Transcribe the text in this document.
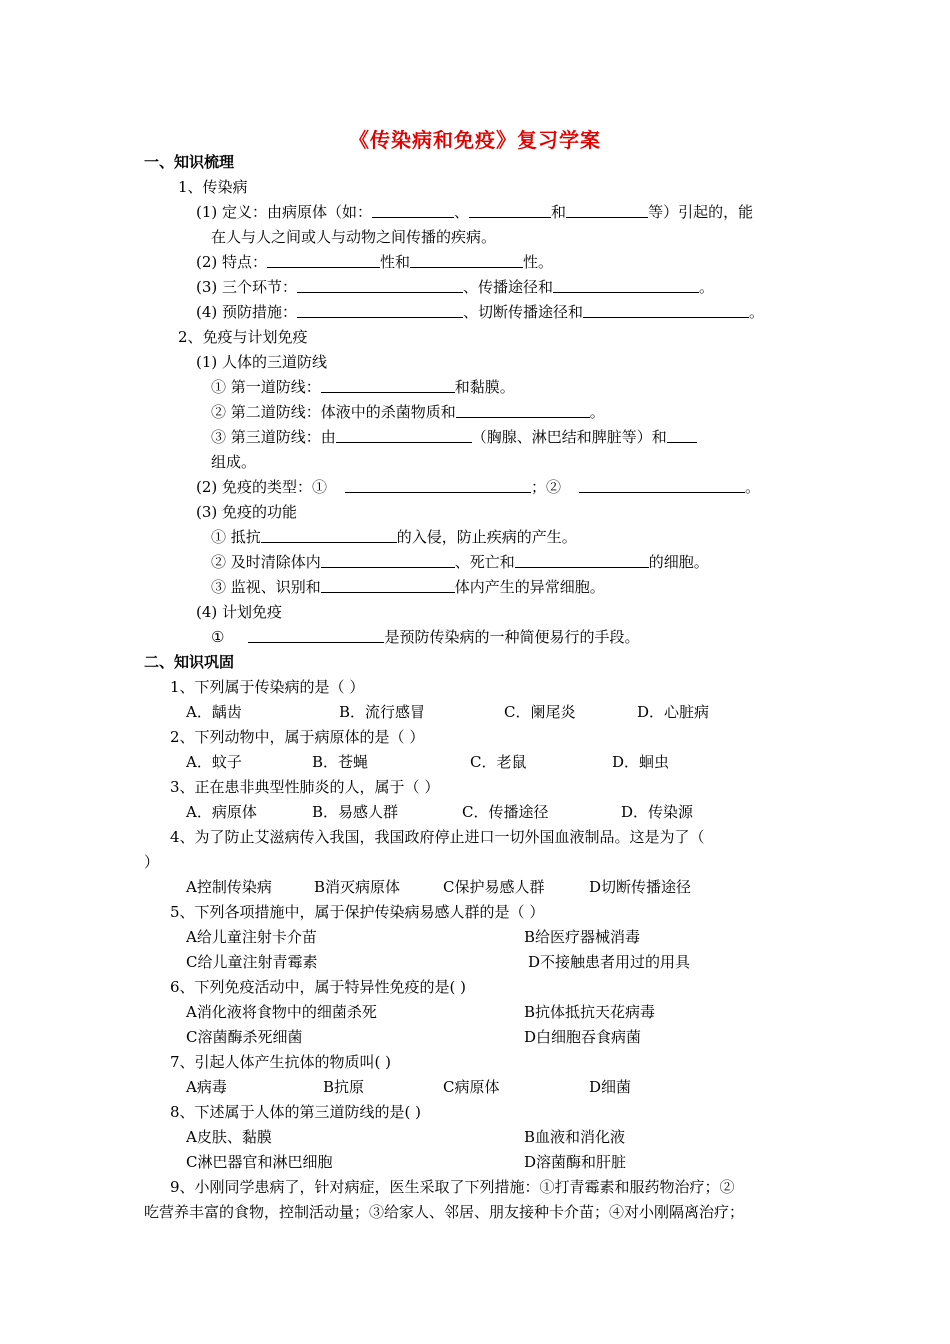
《传染病和免疫》复习学案
一、知识梳理
1、传染病
(1) 定义：由病原体（如：	、	和	等）引起的，能
在人与人之间或人与动物之间传播的疾病。
(2) 特点：	性和	性。
(3) 三个环节：	、传播途径和	。
(4) 预防措施：	、切断传播途径和	。
2、免疫与计划免疫
(1) 人体的三道防线
① 第一道防线：	和黏膜。
② 第二道防线：体液中的杀菌物质和	。
③ 第三道防线：由	（胸腺、淋巴结和脾脏等）和
组成。
(2) 免疫的类型：①	；②	。
(3) 免疫的功能
① 抵抗	的入侵，防止疾病的产生。
② 及时清除体内	、死亡和	的细胞。
③ 监视、识别和	体内产生的异常细胞。
(4) 计划免疫
①	是预防传染病的一种简便易行的手段。
二、知识巩固
1、下列属于传染病的是（ ）
A．龋齿	B．流行感冒	C．阑尾炎	D．心脏病
2、下列动物中，属于病原体的是（ ）
A．蚊子	B．苍蝇	C．老鼠	D．蛔虫
3、正在患非典型性肺炎的人，属于（ ）
A．病原体	B．易感人群	C．传播途径	D．传染源
4、为了防止艾滋病传入我国，我国政府停止进口一切外国血液制品。这是为了（
）
A控制传染病	B消灭病原体	C保护易感人群	D切断传播途径
5、下列各项措施中，属于保护传染病易感人群的是（ ）
A给儿童注射卡介苗	B给医疗器械消毒
C给儿童注射青霉素	D不接触患者用过的用具
6、下列免疫活动中，属于特异性免疫的是( )
A消化液将食物中的细菌杀死	B抗体抵抗天花病毒
C溶菌酶杀死细菌	D白细胞吞食病菌
7、引起人体产生抗体的物质叫( )
A病毒	B抗原	C病原体	D细菌
8、下述属于人体的第三道防线的是( )
A皮肤、黏膜	B血液和消化液
C淋巴器官和淋巴细胞	D溶菌酶和肝脏
9、小刚同学患病了，针对病症，医生采取了下列措施：①打青霉素和服药物治疗；②
吃营养丰富的食物，控制活动量；③给家人、邻居、朋友接种卡介苗；④对小刚隔离治疗；
